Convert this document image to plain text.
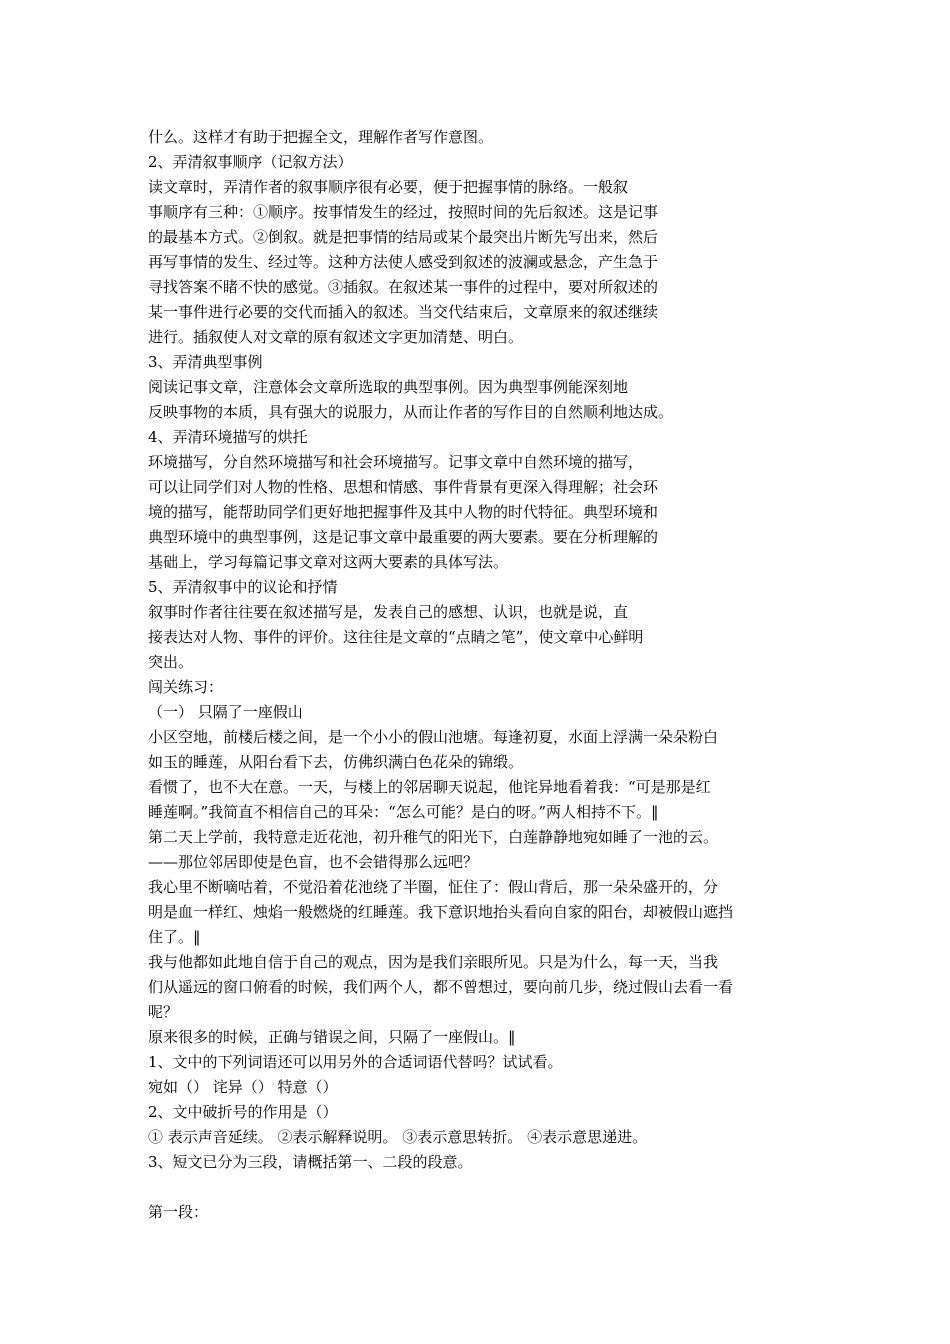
什么。这样才有助于把握全文，理解作者写作意图。
2、弄清叙事顺序（记叙方法）
读文章时，弄清作者的叙事顺序很有必要，便于把握事情的脉络。一般叙
事顺序有三种：①顺序。按事情发生的经过，按照时间的先后叙述。这是记事
的最基本方式。②倒叙。就是把事情的结局或某个最突出片断先写出来，然后
再写事情的发生、经过等。这种方法使人感受到叙述的波澜或悬念，产生急于
寻找答案不睹不快的感觉。③插叙。在叙述某一事件的过程中，要对所叙述的
某一事件进行必要的交代而插入的叙述。当交代结束后，文章原来的叙述继续
进行。插叙使人对文章的原有叙述文字更加清楚、明白。
3、弄清典型事例
阅读记事文章，注意体会文章所选取的典型事例。因为典型事例能深刻地
反映事物的本质，具有强大的说服力，从而让作者的写作目的自然顺利地达成。
4、弄清环境描写的烘托
环境描写，分自然环境描写和社会环境描写。记事文章中自然环境的描写，
可以让同学们对人物的性格、思想和情感、事件背景有更深入得理解；社会环
境的描写，能帮助同学们更好地把握事件及其中人物的时代特征。典型环境和
典型环境中的典型事例，这是记事文章中最重要的两大要素。要在分析理解的
基础上，学习每篇记事文章对这两大要素的具体写法。
5、弄清叙事中的议论和抒情
叙事时作者往往要在叙述描写是，发表自己的感想、认识，也就是说，直
接表达对人物、事件的评价。这往往是文章的“点睛之笔”，使文章中心鲜明
突出。
闯关练习：
（一） 只隔了一座假山
小区空地，前楼后楼之间，是一个小小的假山池塘。每逢初夏，水面上浮满一朵朵粉白
如玉的睡莲，从阳台看下去，仿佛织满白色花朵的锦缎。
看惯了，也不大在意。一天，与楼上的邻居聊天说起，他诧异地看着我：“可是那是红
睡莲啊。”我简直不相信自己的耳朵：“怎么可能？是白的呀。”两人相持不下。‖
第二天上学前，我特意走近花池，初升稚气的阳光下，白莲静静地宛如睡了一池的云。
——那位邻居即使是色盲，也不会错得那么远吧？
我心里不断嘀咕着，不觉沿着花池绕了半圈，怔住了：假山背后，那一朵朵盛开的，分
明是血一样红、烛焰一般燃烧的红睡莲。我下意识地抬头看向自家的阳台，却被假山遮挡
住了。‖
我与他都如此地自信于自己的观点，因为是我们亲眼所见。只是为什么，每一天，当我
们从遥远的窗口俯看的时候，我们两个人，都不曾想过，要向前几步，绕过假山去看一看
呢？
原来很多的时候，正确与错误之间，只隔了一座假山。‖
1、文中的下列词语还可以用另外的合适词语代替吗？试试看。
宛如（） 诧异（） 特意（）
2、文中破折号的作用是（）
① 表示声音延续。 ②表示解释说明。 ③表示意思转折。 ④表示意思递进。
3、短文已分为三段，请概括第一、二段的段意。
第一段：
